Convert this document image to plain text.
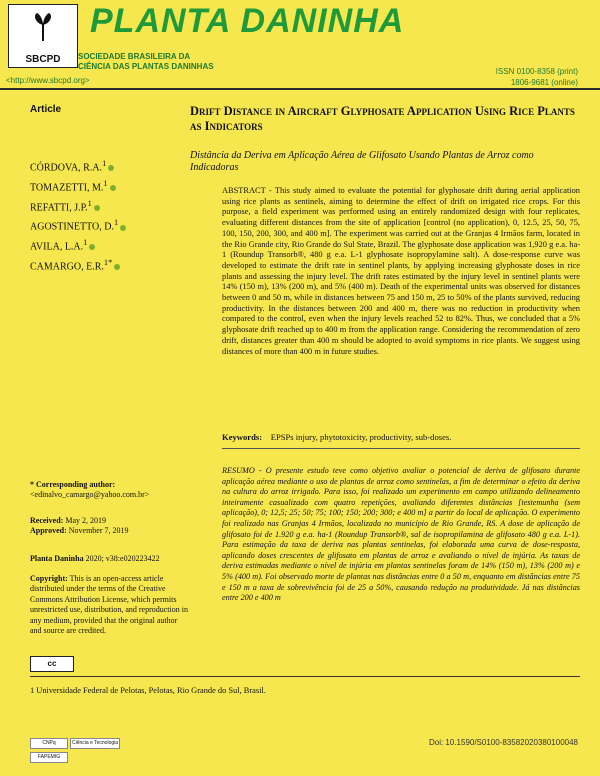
SBCPD
PLANTA DANINHA
SOCIEDADE BRASILEIRA DA
CIÊNCIA DAS PLANTAS DANINHAS
<http://www.sbcpd.org>
ISSN 0100-8358 (print)
1806-9681 (online)
Article	Drift Distance in Aircraft Glyphosate Application Using Rice Plants as Indicators
Distância da Deriva em Aplicação Aérea de Glifosato Usando Plantas de Arroz como Indicadoras
CÓRDOVA, R.A.$^1$
TOMAZETTI, M.$^1$
REFATTI, J.P.$^1$
AGOSTINETTO, D.$^1$
AVILA, L.A.$^1$
CAMARGO, E.R.$^{1*}$
ABSTRACT - This study aimed to evaluate the potential for glyphosate drift during aerial application using rice plants as sentinels, aiming to determine the effect of drift on irrigated rice crops. For this purpose, a field experiment was performed using an entirely randomized design with four replicates, evaluating different distances from the site of application [control (no application), 0, 12.5, 25, 50, 75, 100, 150, 200, 300, and 400 m]. The experiment was carried out at the Granjas 4 Irmãos farm, located in the Rio Grande city, Rio Grande do Sul State, Brazil. The glyphosate dose application was 1,920 g e.a. ha-1 (Roundup Transorb®, 480 g e.a. L-1 glyphosate isopropylamine salt). A dose-response curve was developed to estimate the drift rate in sentinel plants, by applying increasing glyphosate doses in rice plants and assessing the injury level. The drift rates estimated by the injury level in sentinel plants were 14% (150 m), 13% (200 m), and 5% (400 m). Death of the experimental units was observed for distances between 0 and 50 m, while in distances between 75 and 150 m, 25 to 50% of the plants survived, reducing productivity. In the distances between 200 and 400 m, there was no reduction in productivity when compared to the control, even when the injury levels reached 52 to 82%. Thus, we concluded that a 5% glyphosate drift reached up to 400 m from the application range. Considering the recommendation of zero drift, distances greater than 400 m should be adopted to avoid symptoms in rice plants. We suggest using distances of more than 400 m in future studies.
Keywords: EPSPs injury, phytotoxicity, productivity, sub-doses.
RESUMO - O presente estudo teve como objetivo avaliar o potencial de deriva de glifosato durante aplicação aérea mediante o uso de plantas de arroz como sentinelas, a fim de determinar o efeito da deriva na cultura do arroz irrigado. Para isso, foi realizado um experimento em campo utilizando delineamento inteiramente casualizado com quatro repetições, avaliando diferentes distâncias [testemunha (sem aplicação), 0; 12,5; 25; 50; 75; 100; 150; 200; 300; e 400 m] a partir do local de aplicação. O experimento foi realizado nas Granjas 4 Irmãos, localizada no município de Rio Grande, RS. A dose de aplicação de glifosato foi de 1.920 g e.a. ha-1 (Roundup Transorb®, sal de isopropilamina de glifosato 480 g e.a. L-1). Para estimação da taxa de deriva nas plantas sentinelas, foi elaborada uma curva de dose-resposta, aplicando doses crescentes de glifosato em plantas de arroz e avaliando o nível de injúria. As taxas de deriva estimadas mediante o nível de injúria em plantas sentinelas foram de 14% (150 m), 13% (200 m) e 5% (400 m). Foi observado morte de plantas nas distâncias entre 0 a 50 m, enquanto em distâncias entre 75 e 150 m a taxa de sobrevivência foi de 25 a 50%, causando redução na produtividade. Já nas distâncias entre 200 e 400 m
* Corresponding author:
<edinalvo_camargo@yahoo.com.br>
Received: May 2, 2019
Approved: November 7, 2019
Planta Daninha 2020; v38:e020223422
Copyright: This is an open-access article distributed under the terms of the Creative Commons Attribution License, which permits unrestricted use, distribution, and reproduction in any medium, provided that the original author and source are credited.
cc
1 Universidade Federal de Pelotas, Pelotas, Rio Grande do Sul, Brasil.
CNPq	Ciência e Tecnologia
FAPEMIG
Doi: 10.1590/S0100-83582020380100048
